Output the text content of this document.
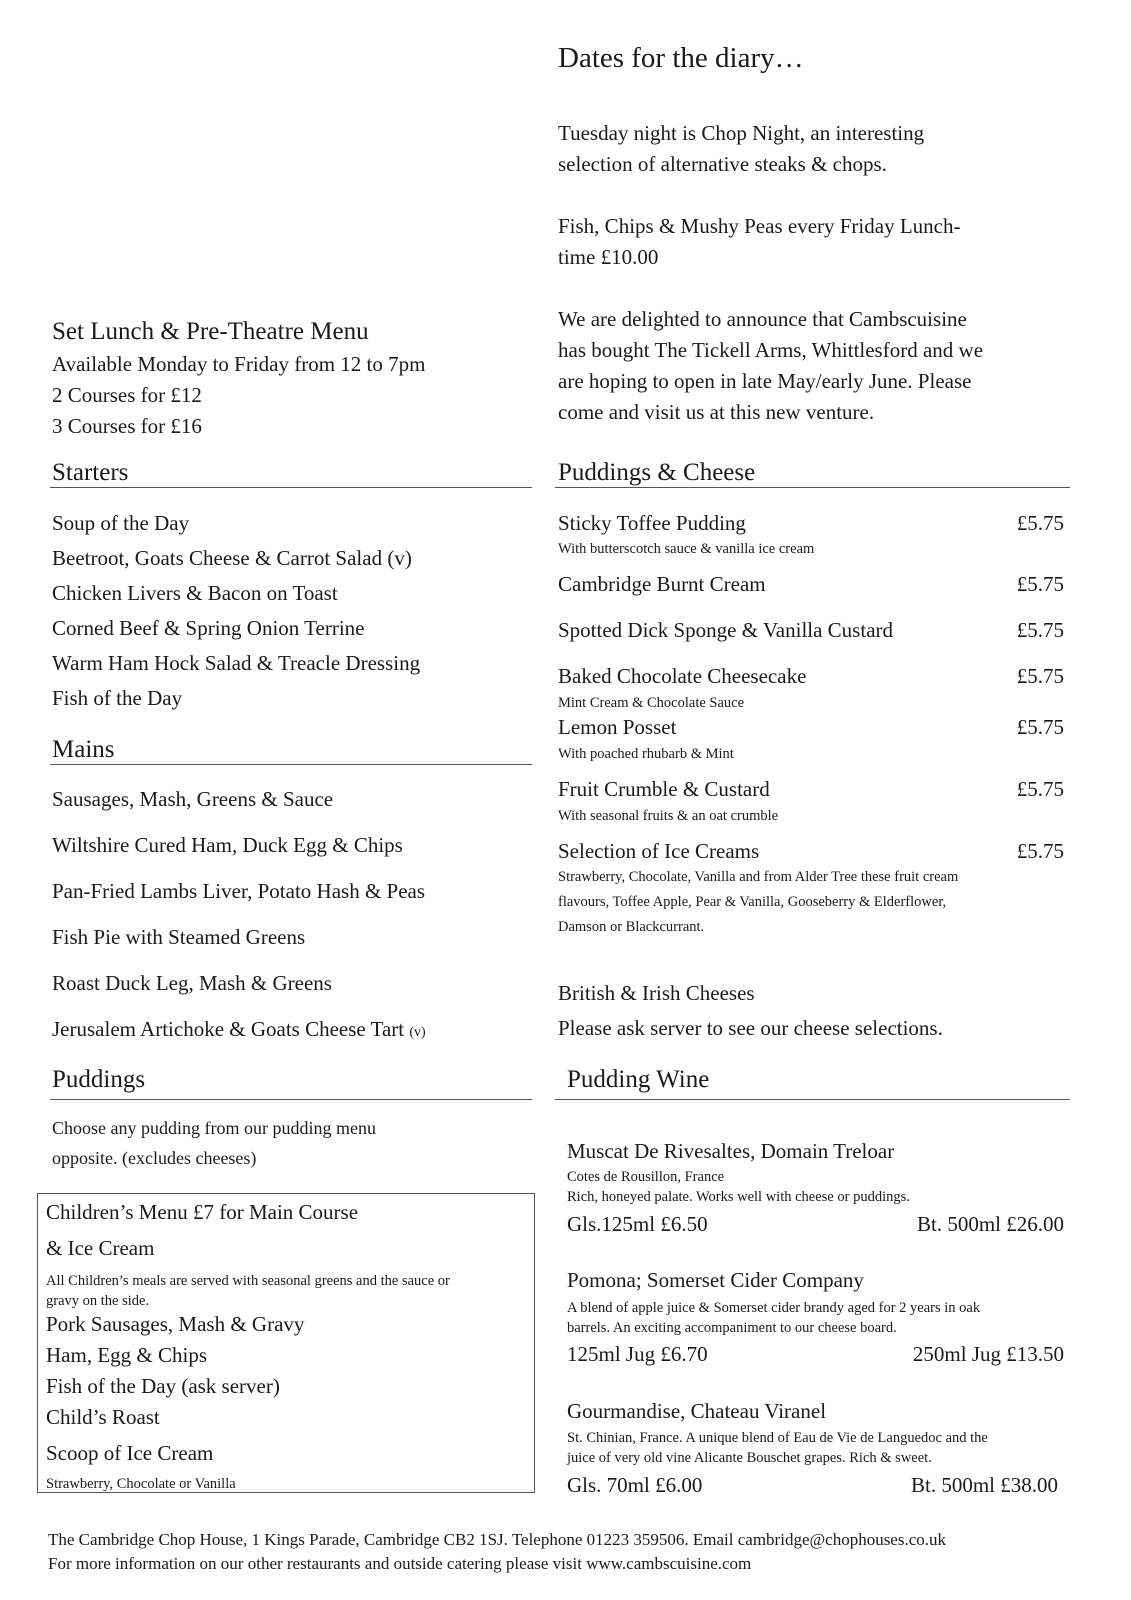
Dates for the diary…
Tuesday night is Chop Night, an interesting
selection of alternative steaks & chops.
Fish, Chips & Mushy Peas every Friday Lunch-
time £10.00
We are delighted to announce that Cambscuisine
has bought The Tickell Arms, Whittlesford and we
are hoping to open in late May/early June. Please
come and visit us at this new venture.
Set Lunch & Pre-Theatre Menu
Available Monday to Friday from 12 to 7pm
2 Courses for £12
3 Courses for £16
Starters
Soup of the Day
Beetroot, Goats Cheese & Carrot Salad (v)
Chicken Livers & Bacon on Toast
Corned Beef & Spring Onion Terrine
Warm Ham Hock Salad & Treacle Dressing
Fish of the Day
Mains
Sausages, Mash, Greens & Sauce
Wiltshire Cured Ham, Duck Egg & Chips
Pan-Fried Lambs Liver, Potato Hash & Peas
Fish Pie with Steamed Greens
Roast Duck Leg, Mash & Greens
Jerusalem Artichoke & Goats Cheese Tart (v)
Puddings
Choose any pudding from our pudding menu
opposite. (excludes cheeses)
Children’s Menu £7 for Main Course
& Ice Cream
All Children’s meals are served with seasonal greens and the sauce or
gravy on the side.
Pork Sausages, Mash & Gravy
Ham, Egg & Chips
Fish of the Day (ask server)
Child’s Roast
Scoop of Ice Cream
Strawberry, Chocolate or Vanilla
Puddings & Cheese
Sticky Toffee Pudding	£5.75
With butterscotch sauce & vanilla ice cream
Cambridge Burnt Cream	£5.75
Spotted Dick Sponge & Vanilla Custard	£5.75
Baked Chocolate Cheesecake	£5.75
Mint Cream & Chocolate Sauce
Lemon Posset	£5.75
With poached rhubarb & Mint
Fruit Crumble & Custard	£5.75
With seasonal fruits & an oat crumble
Selection of Ice Creams	£5.75
Strawberry, Chocolate, Vanilla and from Alder Tree these fruit cream
flavours, Toffee Apple, Pear & Vanilla, Gooseberry & Elderflower,
Damson or Blackcurrant.
British & Irish Cheeses
Please ask server to see our cheese selections.
Pudding Wine
Muscat De Rivesaltes, Domain Treloar
Cotes de Rousillon, France
Rich, honeyed palate. Works well with cheese or puddings.
Gls.125ml £6.50	Bt. 500ml £26.00
Pomona; Somerset Cider Company
A blend of apple juice & Somerset cider brandy aged for 2 years in oak
barrels. An exciting accompaniment to our cheese board.
125ml Jug £6.70	250ml Jug £13.50
Gourmandise, Chateau Viranel
St. Chinian, France. A unique blend of Eau de Vie de Languedoc and the
juice of very old vine Alicante Bouschet grapes. Rich & sweet.
Gls. 70ml £6.00	Bt. 500ml £38.00
The Cambridge Chop House, 1 Kings Parade, Cambridge CB2 1SJ. Telephone 01223 359506. Email cambridge@chophouses.co.uk
For more information on our other restaurants and outside catering please visit www.cambscuisine.com
